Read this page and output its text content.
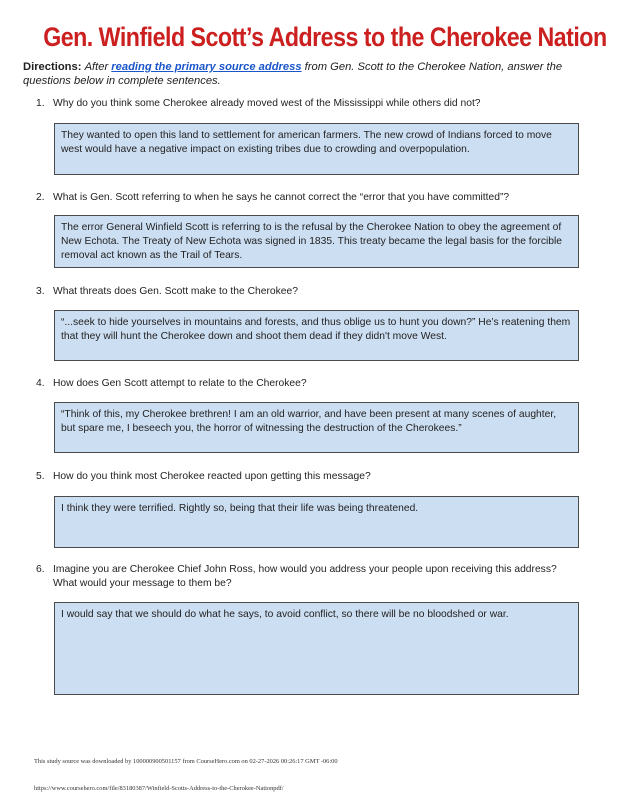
Gen. Winfield Scott’s Address to the Cherokee Nation
Directions: After reading the primary source address from Gen. Scott to the Cherokee Nation, answer the questions below in complete sentences.
1. Why do you think some Cherokee already moved west of the Mississippi while others did not?
They wanted to open this land to settlement for american farmers. The new crowd of Indians forced to move west would have a negative impact on existing tribes due to crowding and overpopulation.
2. What is Gen. Scott referring to when he says he cannot correct the “error that you have committed”?
The error General Winfield Scott is referring to is the refusal by the Cherokee Nation to obey the agreement of New Echota. The Treaty of New Echota was signed in 1835. This treaty became the legal basis for the forcible removal act known as the Trail of Tears.
3. What threats does Gen. Scott make to the Cherokee?
“...seek to hide yourselves in mountains and forests, and thus oblige us to hunt you down?” He’s reatening them that they will hunt the Cherokee down and shoot them dead if they didn't move West.
4. How does Gen Scott attempt to relate to the Cherokee?
“Think of this, my Cherokee brethren! I am an old warrior, and have been present at many scenes of aughter, but spare me, I beseech you, the horror of witnessing the destruction of the Cherokees.”
5. How do you think most Cherokee reacted upon getting this message?
I think they were terrified. Rightly so, being that their life was being threatened.
6. Imagine you are Cherokee Chief John Ross, how would you address your people upon receiving this address? What would your message to them be?
I would say that we should do what he says, to avoid conflict, so there will be no bloodshed or war.
This study source was downloaded by 100000900501157 from CourseHero.com on 02-27-2026 00:26:17 GMT -06:00
https://www.coursehero.com/file/83180387/Winfield-Scotts-Address-to-the-Cherokee-Nationpdf/
